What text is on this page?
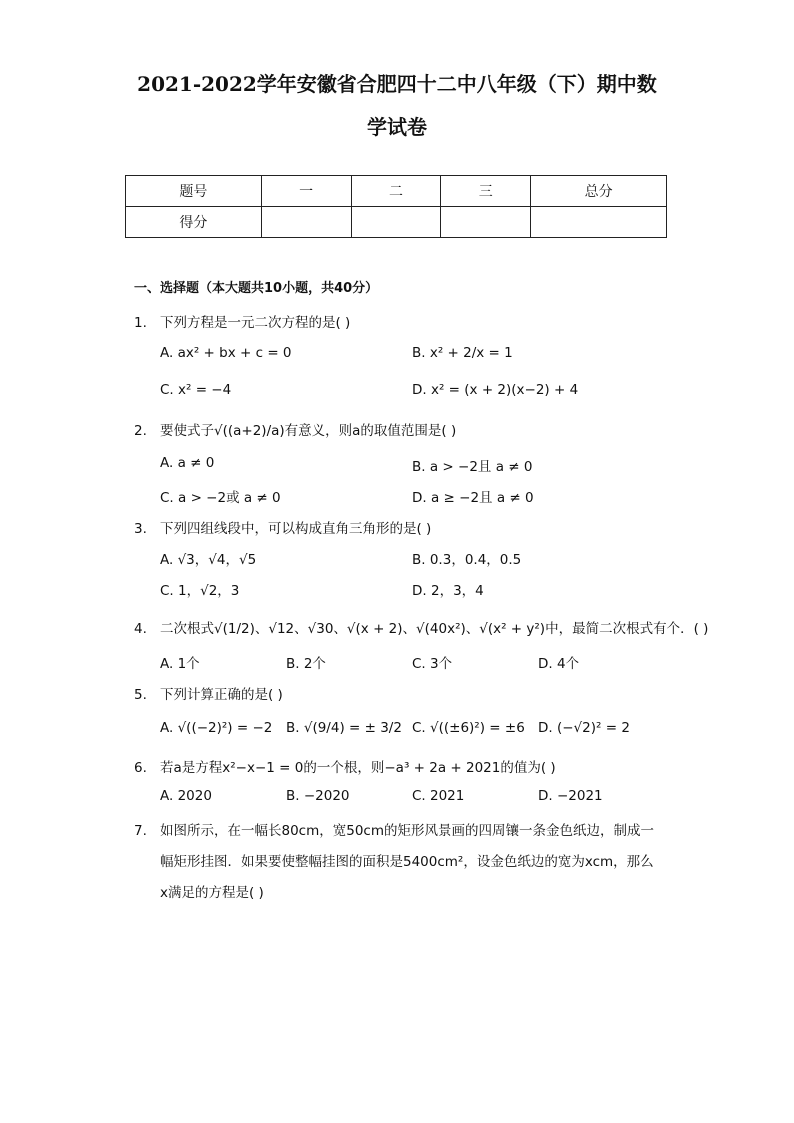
2021-2022学年安徽省合肥四十二中八年级（下）期中数
学试卷
题号	一	二	三	总分
得分				
一、选择题（本大题共10小题，共40分）
1. 下列方程是一元二次方程的是( )
A. ax² + bx + c = 0	B. x² + 2/x = 1
C. x² = −4	D. x² = (x + 2)(x−2) + 4
2. 要使式子√((a+2)/a)有意义，则a的取值范围是( )
A. a ≠ 0	B. a > −2且 a ≠ 0
C. a > −2或 a ≠ 0	D. a ≥ −2且 a ≠ 0
3. 下列四组线段中，可以构成直角三角形的是( )
A. √3，√4，√5	B. 0.3，0.4，0.5
C. 1，√2，3	D. 2，3，4
4. 二次根式√(1/2)、√12、√30、√(x + 2)、√(40x²)、√(x² + y²)中，最简二次根式有个．( )
A. 1个	B. 2个	C. 3个	D. 4个
5. 下列计算正确的是( )
A. √((−2)²) = −2 B. √(9/4) = ± 3/2 C. √((±6)²) = ±6 D. (−√2)² = 2
6. 若a是方程x²−x−1 = 0的一个根，则−a³ + 2a + 2021的值为( )
A. 2020	B. −2020	C. 2021	D. −2021
7. 如图所示，在一幅长80cm，宽50cm的矩形风景画的四周镶一条金色纸边，制成一
幅矩形挂图．如果要使整幅挂图的面积是5400cm²，设金色纸边的宽为xcm，那么
x满足的方程是( )
